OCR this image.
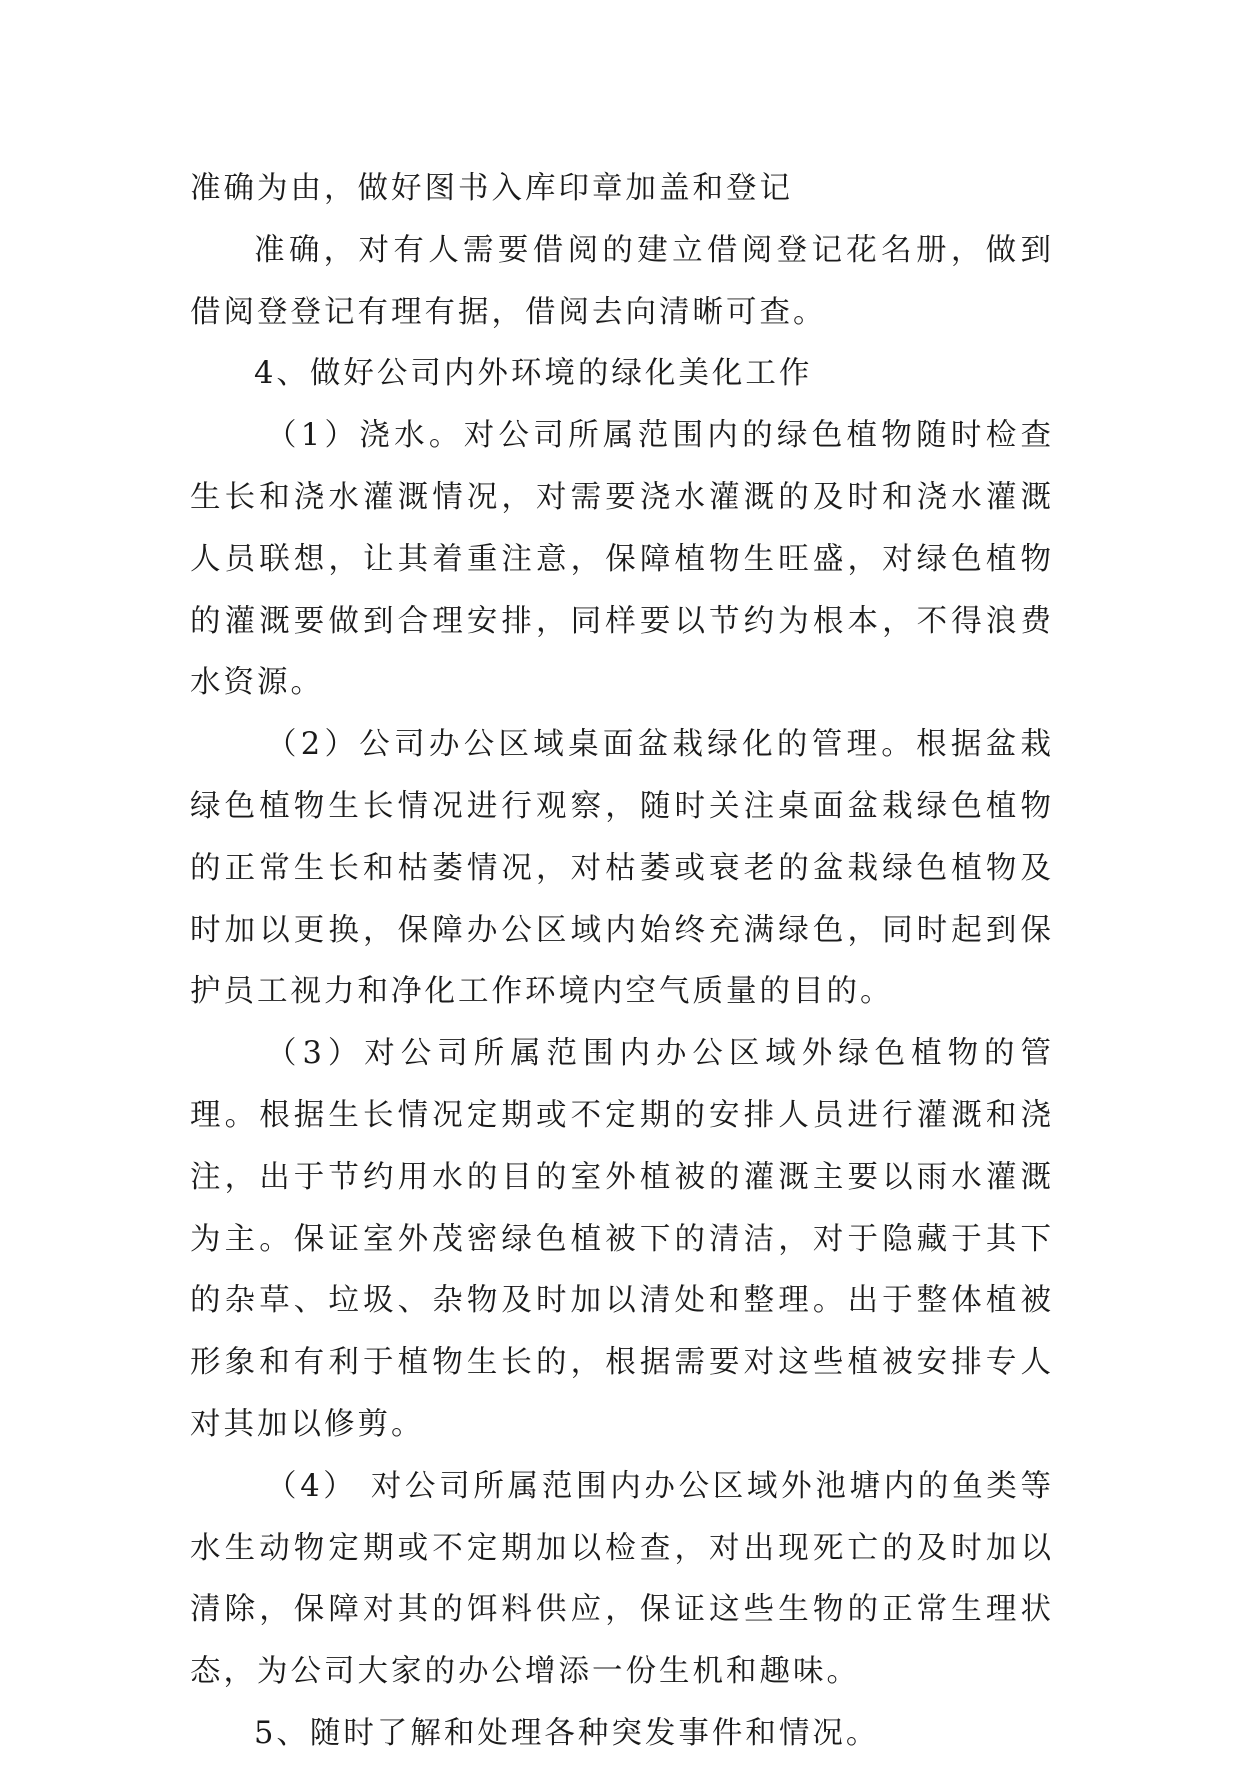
准确为由，做好图书入库印章加盖和登记

准确，对有人需要借阅的建立借阅登记花名册，做到借阅登登记有理有据，借阅去向清晰可查。

4、做好公司内外环境的绿化美化工作

（1）浇水。对公司所属范围内的绿色植物随时检查生长和浇水灌溉情况，对需要浇水灌溉的及时和浇水灌溉人员联想，让其着重注意，保障植物生旺盛，对绿色植物的灌溉要做到合理安排，同样要以节约为根本，不得浪费水资源。

（2）公司办公区域桌面盆栽绿化的管理。根据盆栽绿色植物生长情况进行观察，随时关注桌面盆栽绿色植物的正常生长和枯萎情况，对枯萎或衰老的盆栽绿色植物及时加以更换，保障办公区域内始终充满绿色，同时起到保护员工视力和净化工作环境内空气质量的目的。

（3）对公司所属范围内办公区域外绿色植物的管理。根据生长情况定期或不定期的安排人员进行灌溉和浇注，出于节约用水的目的室外植被的灌溉主要以雨水灌溉为主。保证室外茂密绿色植被下的清洁，对于隐藏于其下的杂草、垃圾、杂物及时加以清处和整理。出于整体植被形象和有利于植物生长的，根据需要对这些植被安排专人对其加以修剪。

（4） 对公司所属范围内办公区域外池塘内的鱼类等水生动物定期或不定期加以检查，对出现死亡的及时加以清除，保障对其的饵料供应，保证这些生物的正常生理状态，为公司大家的办公增添一份生机和趣味。

5、随时了解和处理各种突发事件和情况。
